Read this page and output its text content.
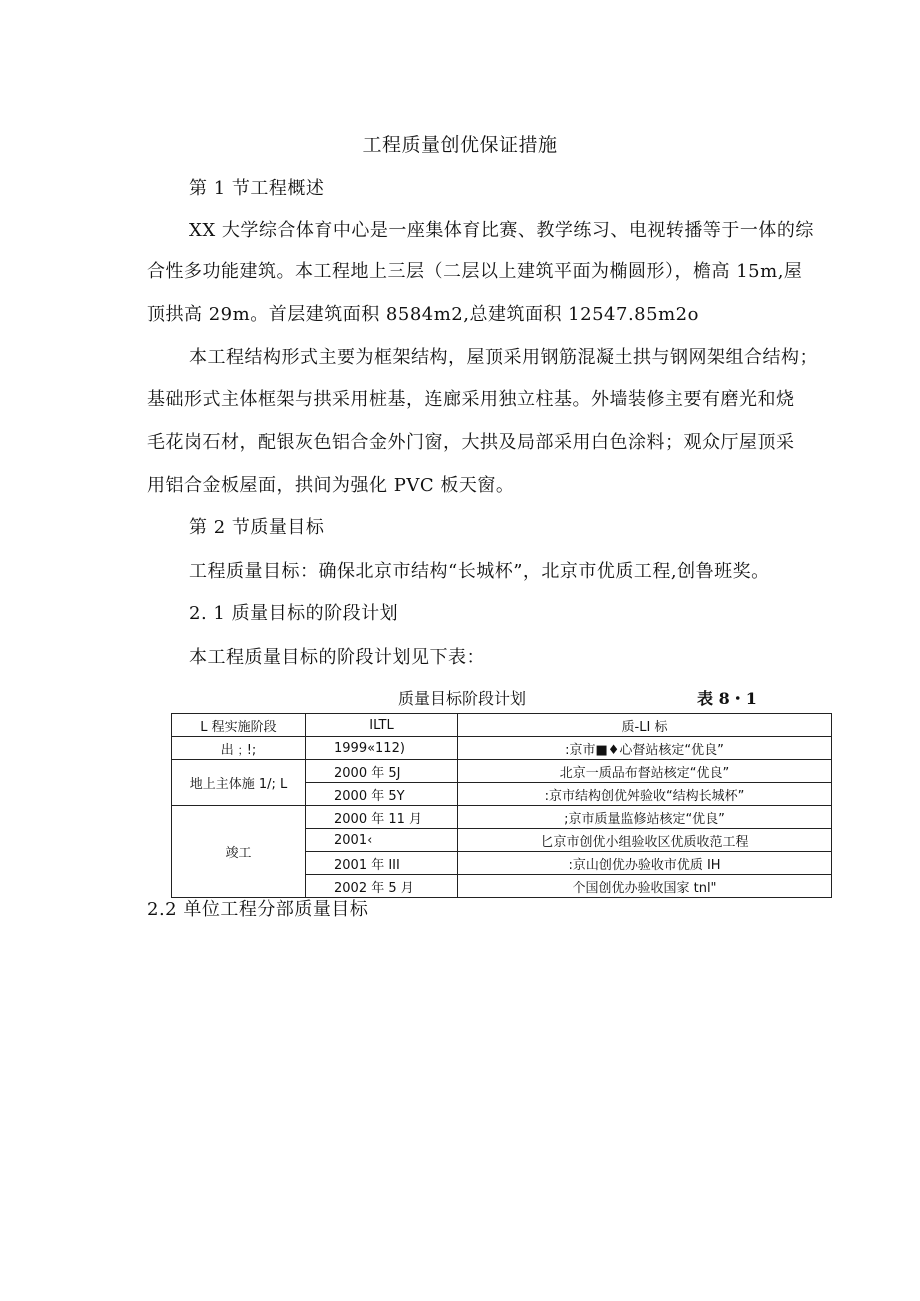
工程质量创优保证措施
第 1 节工程概述
XX 大学综合体育中心是一座集体育比赛、教学练习、电视转播等于一体的综
合性多功能建筑。本工程地上三层（二层以上建筑平面为椭圆形），檐高 15m,屋
顶拱高 29m。首层建筑面积 8584m2,总建筑面积 12547.85m2o
本工程结构形式主要为框架结构，屋顶采用钢筋混凝土拱与钢网架组合结构；
基础形式主体框架与拱采用桩基，连廊采用独立柱基。外墙装修主要有磨光和烧
毛花岗石材，配银灰色铝合金外门窗，大拱及局部采用白色涂料；观众厅屋顶采
用铝合金板屋面，拱间为强化 PVC 板天窗。
第 2 节质量目标
工程质量目标：确保北京市结构“长城杯”，北京市优质工程,创鲁班奖。
2. 1 质量目标的阶段计划
本工程质量目标的阶段计划见下表：
质量目标阶段计划	表 8・1
L 程实施阶段	ILTL	质-LI 标
出﹔!;	1999«112)	:京市■♦心督站核定“优良”
地上主体施 1/; L	2000 年 5J	北京一质品布督站核定“优良”
	2000 年 5Y	:京市结构创优舛验收“结构长城杯”
竣工	2000 年 11 月	;京市质量监修站核定“优良”
	2001‹	匕京市创优小组验收区优质收范工程
	2001 年 III	:京山创优办验收市优质 IH
	2002 年 5 月	个国创优办验收国家 tnl"
2.2 单位工程分部质量目标
